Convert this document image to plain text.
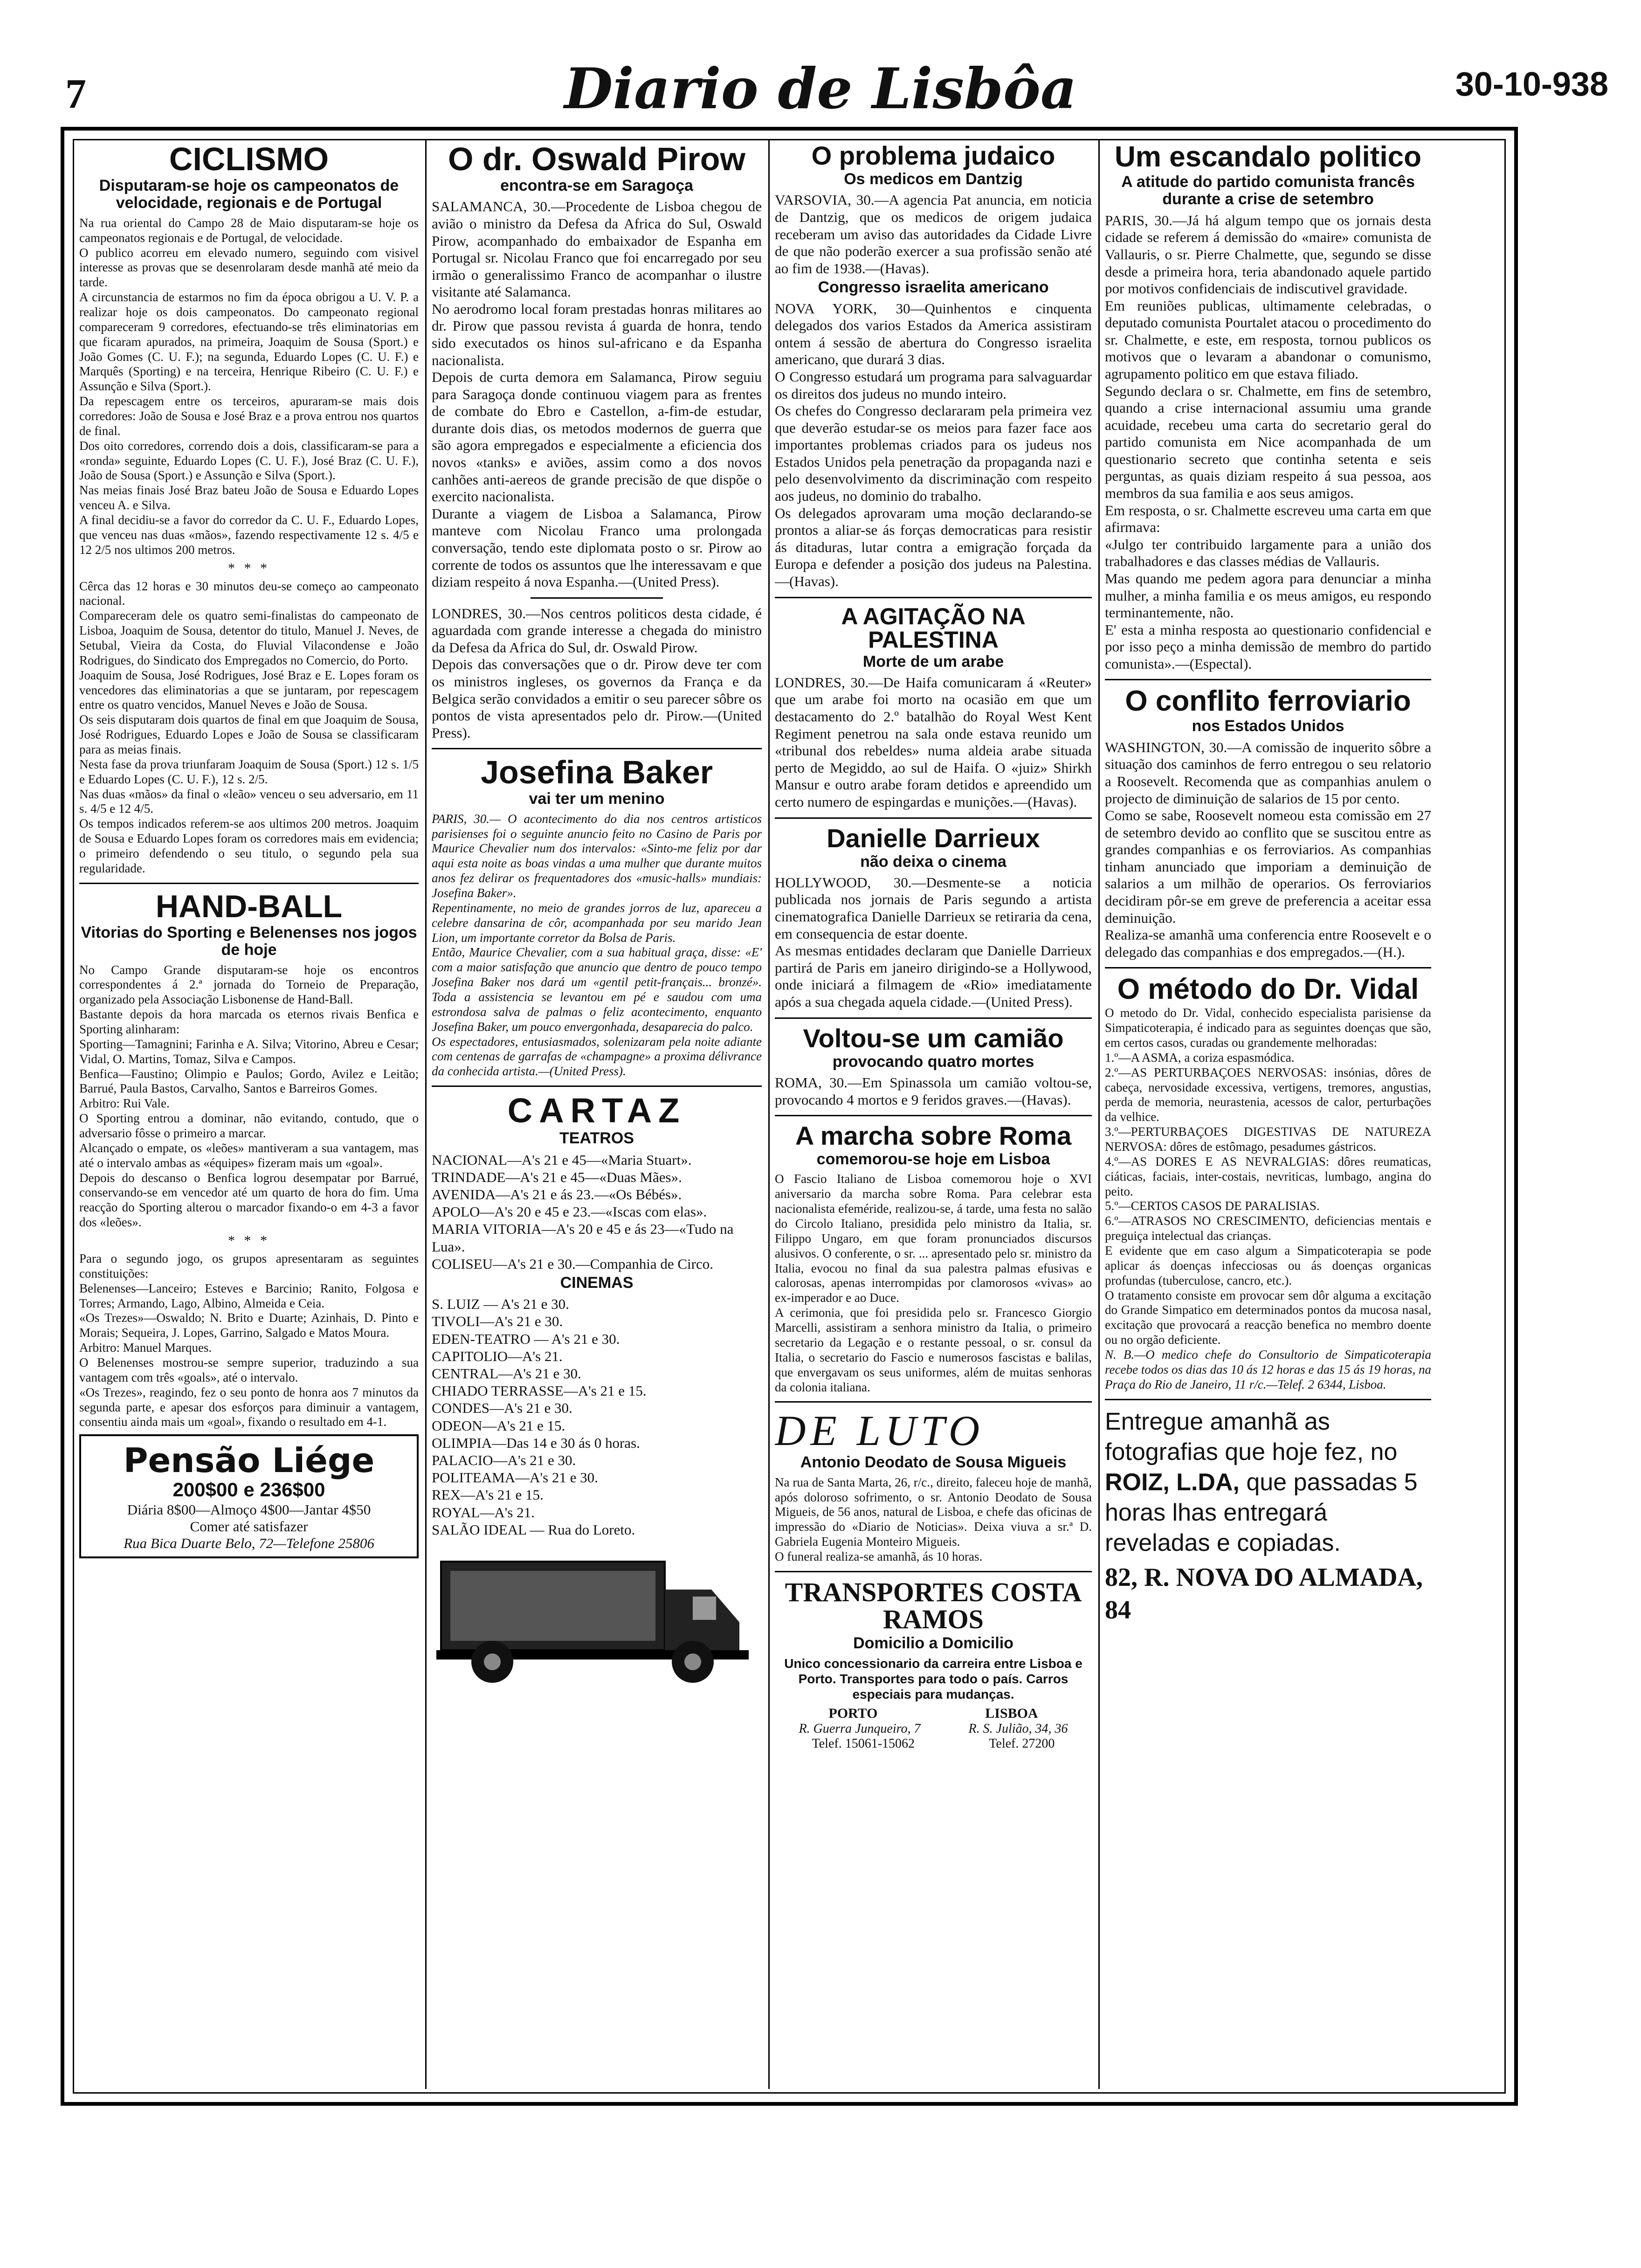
7	Diario de Lisbôa	30-10-938
CICLISMO
Disputaram-se hoje os campeonatos de velocidade, regionais e de Portugal

Na rua oriental do Campo 28 de Maio disputaram-se hoje os campeonatos regionais e de Portugal, de velocidade.

O publico acorreu em elevado numero, seguindo com visivel interesse as provas que se desenrolaram desde manhã até meio da tarde.

A circunstancia de estarmos no fim da época obrigou a U. V. P. a realizar hoje os dois campeonatos. Do campeonato regional compareceram 9 corredores, efectuando-se três eliminatorias em que ficaram apurados, na primeira, Joaquim de Sousa (Sport.) e João Gomes (C. U. F.); na segunda, Eduardo Lopes (C. U. F.) e Marquês (Sporting) e na terceira, Henrique Ribeiro (C. U. F.) e Assunção e Silva (Sport.).

Da repescagem entre os terceiros, apuraram-se mais dois corredores: João de Sousa e José Braz e a prova entrou nos quartos de final.

Dos oito corredores, correndo dois a dois, classificaram-se para a «ronda» seguinte, Eduardo Lopes (C. U. F.), José Braz (C. U. F.), João de Sousa (Sport.) e Assunção e Silva (Sport.).

Nas meias finais José Braz bateu João de Sousa e Eduardo Lopes venceu A. e Silva.

A final decidiu-se a favor do corredor da C. U. F., Eduardo Lopes, que venceu nas duas «mãos», fazendo respectivamente 12 s. 4/5 e 12 2/5 nos ultimos 200 metros.

* * *

Cêrca das 12 horas e 30 minutos deu-se começo ao campeonato nacional.

Compareceram dele os quatro semi-finalistas do campeonato de Lisboa, Joaquim de Sousa, detentor do titulo, Manuel J. Neves, de Setubal, Vieira da Costa, do Fluvial Vilacondense e João Rodrigues, do Sindicato dos Empregados no Comercio, do Porto.

Joaquim de Sousa, José Rodrigues, José Braz e E. Lopes foram os vencedores das eliminatorias a que se juntaram, por repescagem entre os quatro vencidos, Manuel Neves e João de Sousa.

Os seis disputaram dois quartos de final em que Joaquim de Sousa, José Rodrigues, Eduardo Lopes e João de Sousa se classificaram para as meias finais.

Nesta fase da prova triunfaram Joaquim de Sousa (Sport.) 12 s. 1/5 e Eduardo Lopes (C. U. F.), 12 s. 2/5.

Nas duas «mãos» da final o «leão» venceu o seu adversario, em 11 s. 4/5 e 12 4/5.

Os tempos indicados referem-se aos ultimos 200 metros. Joaquim de Sousa e Eduardo Lopes foram os corredores mais em evidencia; o primeiro defendendo o seu titulo, o segundo pela sua regularidade.

HAND-BALL
Vitorias do Sporting e Belenenses nos jogos de hoje

No Campo Grande disputaram-se hoje os encontros correspondentes á 2.ª jornada do Torneio de Preparação, organizado pela Associação Lisbonense de Hand-Ball.

Bastante depois da hora marcada os eternos rivais Benfica e Sporting alinharam:

Sporting—Tamagnini; Farinha e A. Silva; Vitorino, Abreu e Cesar; Vidal, O. Martins, Tomaz, Silva e Campos.

Benfica—Faustino; Olimpio e Paulos; Gordo, Avilez e Leitão; Barrué, Paula Bastos, Carvalho, Santos e Barreiros Gomes.

Arbitro: Rui Vale.

O Sporting entrou a dominar, não evitando, contudo, que o adversario fôsse o primeiro a marcar.

Alcançado o empate, os «leões» mantiveram a sua vantagem, mas até o intervalo ambas as «équipes» fizeram mais um «goal».

Depois do descanso o Benfica logrou desempatar por Barrué, conservando-se em vencedor até um quarto de hora do fim. Uma reacção do Sporting alterou o marcador fixando-o em 4-3 a favor dos «leões».

* * *

Para o segundo jogo, os grupos apresentaram as seguintes constituições:

Belenenses—Lanceiro; Esteves e Barcinio; Ranito, Folgosa e Torres; Armando, Lago, Albino, Almeida e Ceia.

«Os Trezes»—Oswaldo; N. Brito e Duarte; Azinhais, D. Pinto e Morais; Sequeira, J. Lopes, Garrino, Salgado e Matos Moura.

Arbitro: Manuel Marques.

O Belenenses mostrou-se sempre superior, traduzindo a sua vantagem com três «goals», até o intervalo.

«Os Trezes», reagindo, fez o seu ponto de honra aos 7 minutos da segunda parte, e apesar dos esforços para diminuir a vantagem, consentiu ainda mais um «goal», fixando o resultado em 4-1.

Pensão Liége
200$00 e 236$00
Diária 8$00—Almoço 4$00—Jantar 4$50
Comer até satisfazer
Rua Bica Duarte Belo, 72—Telefone 25806
O dr. Oswald Pirow
encontra-se em Saragoça

SALAMANCA, 30.—Procedente de Lisboa chegou de avião o ministro da Defesa da Africa do Sul, Oswald Pirow, acompanhado do embaixador de Espanha em Portugal sr. Nicolau Franco que foi encarregado por seu irmão o generalissimo Franco de acompanhar o ilustre visitante até Salamanca.

No aerodromo local foram prestadas honras militares ao dr. Pirow que passou revista á guarda de honra, tendo sido executados os hinos sul-africano e da Espanha nacionalista.

Depois de curta demora em Salamanca, Pirow seguiu para Saragoça donde continuou viagem para as frentes de combate do Ebro e Castellon, a-fim-de estudar, durante dois dias, os metodos modernos de guerra que são agora empregados e especialmente a eficiencia dos novos «tanks» e aviões, assim como a dos novos canhões anti-aereos de grande precisão de que dispõe o exercito nacionalista.

Durante a viagem de Lisboa a Salamanca, Pirow manteve com Nicolau Franco uma prolongada conversação, tendo este diplomata posto o sr. Pirow ao corrente de todos os assuntos que lhe interessavam e que diziam respeito á nova Espanha.—(United Press).

LONDRES, 30.—Nos centros politicos desta cidade, é aguardada com grande interesse a chegada do ministro da Defesa da Africa do Sul, dr. Oswald Pirow.

Depois das conversações que o dr. Pirow deve ter com os ministros ingleses, os governos da França e da Belgica serão convidados a emitir o seu parecer sôbre os pontos de vista apresentados pelo dr. Pirow.—(United Press).

Josefina Baker
vai ter um menino

PARIS, 30.— O acontecimento do dia nos centros artisticos parisienses foi o seguinte anuncio feito no Casino de Paris por Maurice Chevalier num dos intervalos: «Sinto-me feliz por dar aqui esta noite as boas vindas a uma mulher que durante muitos anos fez delirar os frequentadores dos «music-halls» mundiais: Josefina Baker».

Repentinamente, no meio de grandes jorros de luz, apareceu a celebre dansarina de côr, acompanhada por seu marido Jean Lion, um importante corretor da Bolsa de Paris.

Então, Maurice Chevalier, com a sua habitual graça, disse: «E' com a maior satisfação que anuncio que dentro de pouco tempo Josefina Baker nos dará um «gentil petit-français... bronzé». Toda a assistencia se levantou em pé e saudou com uma estrondosa salva de palmas o feliz acontecimento, enquanto Josefina Baker, um pouco envergonhada, desaparecia do palco.

Os espectadores, entusiasmados, solenizaram pela noite adiante com centenas de garrafas de «champagne» a proxima délivrance da conhecida artista.—(United Press).

CARTAZ
TEATROS
NACIONAL—A's 21 e 45—«Maria Stuart».
TRINDADE—A's 21 e 45—«Duas Mães».
AVENIDA—A's 21 e ás 23.—«Os Bébés».
APOLO—A's 20 e 45 e 23.—«Iscas com elas».
MARIA VITORIA—A's 20 e 45 e ás 23—«Tudo na Lua».
COLISEU—A's 21 e 30.—Companhia de Circo.
CINEMAS
S. LUIZ — A's 21 e 30.
TIVOLI—A's 21 e 30.
EDEN-TEATRO — A's 21 e 30.
CAPITOLIO—A's 21.
CENTRAL—A's 21 e 30.
CHIADO TERRASSE—A's 21 e 15.
CONDES—A's 21 e 30.
ODEON—A's 21 e 15.
OLIMPIA—Das 14 e 30 ás 0 horas.
PALACIO—A's 21 e 30.
POLITEAMA—A's 21 e 30.
REX—A's 21 e 15.
ROYAL—A's 21.
SALÃO IDEAL — Rua do Loreto.
O problema judaico
Os medicos em Dantzig

VARSOVIA, 30.—A agencia Pat anuncia, em noticia de Dantzig, que os medicos de origem judaica receberam um aviso das autoridades da Cidade Livre de que não poderão exercer a sua profissão senão até ao fim de 1938.—(Havas).

Congresso israelita americano

NOVA YORK, 30—Quinhentos e cinquenta delegados dos varios Estados da America assistiram ontem á sessão de abertura do Congresso israelita americano, que durará 3 dias.

O Congresso estudará um programa para salvaguardar os direitos dos judeus no mundo inteiro.

Os chefes do Congresso declararam pela primeira vez que deverão estudar-se os meios para fazer face aos importantes problemas criados para os judeus nos Estados Unidos pela penetração da propaganda nazi e pelo desenvolvimento da discriminação com respeito aos judeus, no dominio do trabalho.

Os delegados aprovaram uma moção declarando-se prontos a aliar-se ás forças democraticas para resistir ás ditaduras, lutar contra a emigração forçada da Europa e defender a posição dos judeus na Palestina.—(Havas).

A AGITAÇÃO NA PALESTINA
Morte de um arabe

LONDRES, 30.—De Haifa comunicaram á «Reuter» que um arabe foi morto na ocasião em que um destacamento do 2.º batalhão do Royal West Kent Regiment penetrou na sala onde estava reunido um «tribunal dos rebeldes» numa aldeia arabe situada perto de Megiddo, ao sul de Haifa. O «juiz» Shirkh Mansur e outro arabe foram detidos e apreendido um certo numero de espingardas e munições.—(Havas).

Danielle Darrieux
não deixa o cinema

HOLLYWOOD, 30.—Desmente-se a noticia publicada nos jornais de Paris segundo a artista cinematografica Danielle Darrieux se retiraria da cena, em consequencia de estar doente.

As mesmas entidades declaram que Danielle Darrieux partirá de Paris em janeiro dirigindo-se a Hollywood, onde iniciará a filmagem de «Rio» imediatamente após a sua chegada aquela cidade.—(United Press).

Voltou-se um camião
provocando quatro mortes

ROMA, 30.—Em Spinassola um camião voltou-se, provocando 4 mortos e 9 feridos graves.—(Havas).

A marcha sobre Roma
comemorou-se hoje em Lisboa

O Fascio Italiano de Lisboa comemorou hoje o XVI aniversario da marcha sobre Roma. Para celebrar esta nacionalista efeméride, realizou-se, á tarde, uma festa no salão do Circolo Italiano, presidida pelo ministro da Italia, sr. Filippo Ungaro, em que foram pronunciados discursos alusivos. O conferente, o sr. ... apresentado pelo sr. ministro da Italia, evocou no final da sua palestra palmas efusivas e calorosas, apenas interrompidas por clamorosos «vivas» ao ex-imperador e ao Duce.

A cerimonia, que foi presidida pelo sr. Francesco Giorgio Marcelli, assistiram a senhora ministro da Italia, o primeiro secretario da Legação e o restante pessoal, o sr. consul da Italia, o secretario do Fascio e numerosos fascistas e balilas, que envergavam os seus uniformes, além de muitas senhoras da colonia italiana.

DE LUTO
Antonio Deodato de Sousa Migueis

Na rua de Santa Marta, 26, r/c., direito, faleceu hoje de manhã, após doloroso sofrimento, o sr. Antonio Deodato de Sousa Migueis, de 56 anos, natural de Lisboa, e chefe das oficinas de impressão do «Diario de Noticias». Deixa viuva a sr.ª D. Gabriela Eugenia Monteiro Migueis.

O funeral realiza-se amanhã, ás 10 horas.

TRANSPORTES COSTA RAMOS
Domicilio a Domicilio

Unico concessionario da carreira entre Lisboa e Porto. Transportes para todo o país. Carros especiais para mudanças.

PORTO	LISBOA
R. Guerra Junqueiro, 7	R. S. Julião, 34, 36
Telef. 15061-15062	Telef. 27200
Um escandalo politico
A atitude do partido comunista francês durante a crise de setembro

PARIS, 30.—Já há algum tempo que os jornais desta cidade se referem á demissão do «maire» comunista de Vallauris, o sr. Pierre Chalmette, que, segundo se disse desde a primeira hora, teria abandonado aquele partido por motivos confidenciais de indiscutivel gravidade.

Em reuniões publicas, ultimamente celebradas, o deputado comunista Pourtalet atacou o procedimento do sr. Chalmette, e este, em resposta, tornou publicos os motivos que o levaram a abandonar o comunismo, agrupamento politico em que estava filiado.

Segundo declara o sr. Chalmette, em fins de setembro, quando a crise internacional assumiu uma grande acuidade, recebeu uma carta do secretario geral do partido comunista em Nice acompanhada de um questionario secreto que continha setenta e seis perguntas, as quais diziam respeito á sua pessoa, aos membros da sua familia e aos seus amigos.

Em resposta, o sr. Chalmette escreveu uma carta em que afirmava:

«Julgo ter contribuido largamente para a união dos trabalhadores e das classes médias de Vallauris.

Mas quando me pedem agora para denunciar a minha mulher, a minha familia e os meus amigos, eu respondo terminantemente, não.

E' esta a minha resposta ao questionario confidencial e por isso peço a minha demissão de membro do partido comunista».—(Espectal).

O conflito ferroviario
nos Estados Unidos

WASHINGTON, 30.—A comissão de inquerito sôbre a situação dos caminhos de ferro entregou o seu relatorio a Roosevelt. Recomenda que as companhias anulem o projecto de diminuição de salarios de 15 por cento.

Como se sabe, Roosevelt nomeou esta comissão em 27 de setembro devido ao conflito que se suscitou entre as grandes companhias e os ferroviarios. As companhias tinham anunciado que imporiam a deminuição de salarios a um milhão de operarios. Os ferroviarios decidiram pôr-se em greve de preferencia a aceitar essa deminuição.

Realiza-se amanhã uma conferencia entre Roosevelt e o delegado das companhias e dos empregados.—(H.).

O método do Dr. Vidal

O metodo do Dr. Vidal, conhecido especialista parisiense da Simpaticoterapia, é indicado para as seguintes doenças que são, em certos casos, curadas ou grandemente melhoradas:

1.º—A ASMA, a coriza espasmódica.

2.º—AS PERTURBAÇOES NERVOSAS: insónias, dôres de cabeça, nervosidade excessiva, vertigens, tremores, angustias, perda de memoria, neurastenia, acessos de calor, perturbações da velhice.

3.º—PERTURBAÇOES DIGESTIVAS DE NATUREZA NERVOSA: dôres de estômago, pesadumes gástricos.

4.º—AS DORES E AS NEVRALGIAS: dôres reumaticas, ciáticas, faciais, inter-costais, nevriticas, lumbago, angina do peito.

5.º—CERTOS CASOS DE PARALISIAS.

6.º—ATRASOS NO CRESCIMENTO, deficiencias mentais e preguiça intelectual das crianças.

E evidente que em caso algum a Simpaticoterapia se pode aplicar ás doenças infecciosas ou ás doenças organicas profundas (tuberculose, cancro, etc.).

O tratamento consiste em provocar sem dôr alguma a excitação do Grande Simpatico em determinados pontos da mucosa nasal, excitação que provocará a reacção benefica no membro doente ou no orgão deficiente.

N. B.—O medico chefe do Consultorio de Simpaticoterapia recebe todos os dias das 10 ás 12 horas e das 15 ás 19 horas, na Praça do Rio de Janeiro, 11 r/c.—Telef. 2 6344, Lisboa.

Entregue amanhã as fotografias que hoje fez, no ROIZ, L.DA, que passadas 5 horas lhas entregará reveladas e copiadas.
82, R. NOVA DO ALMADA, 84
